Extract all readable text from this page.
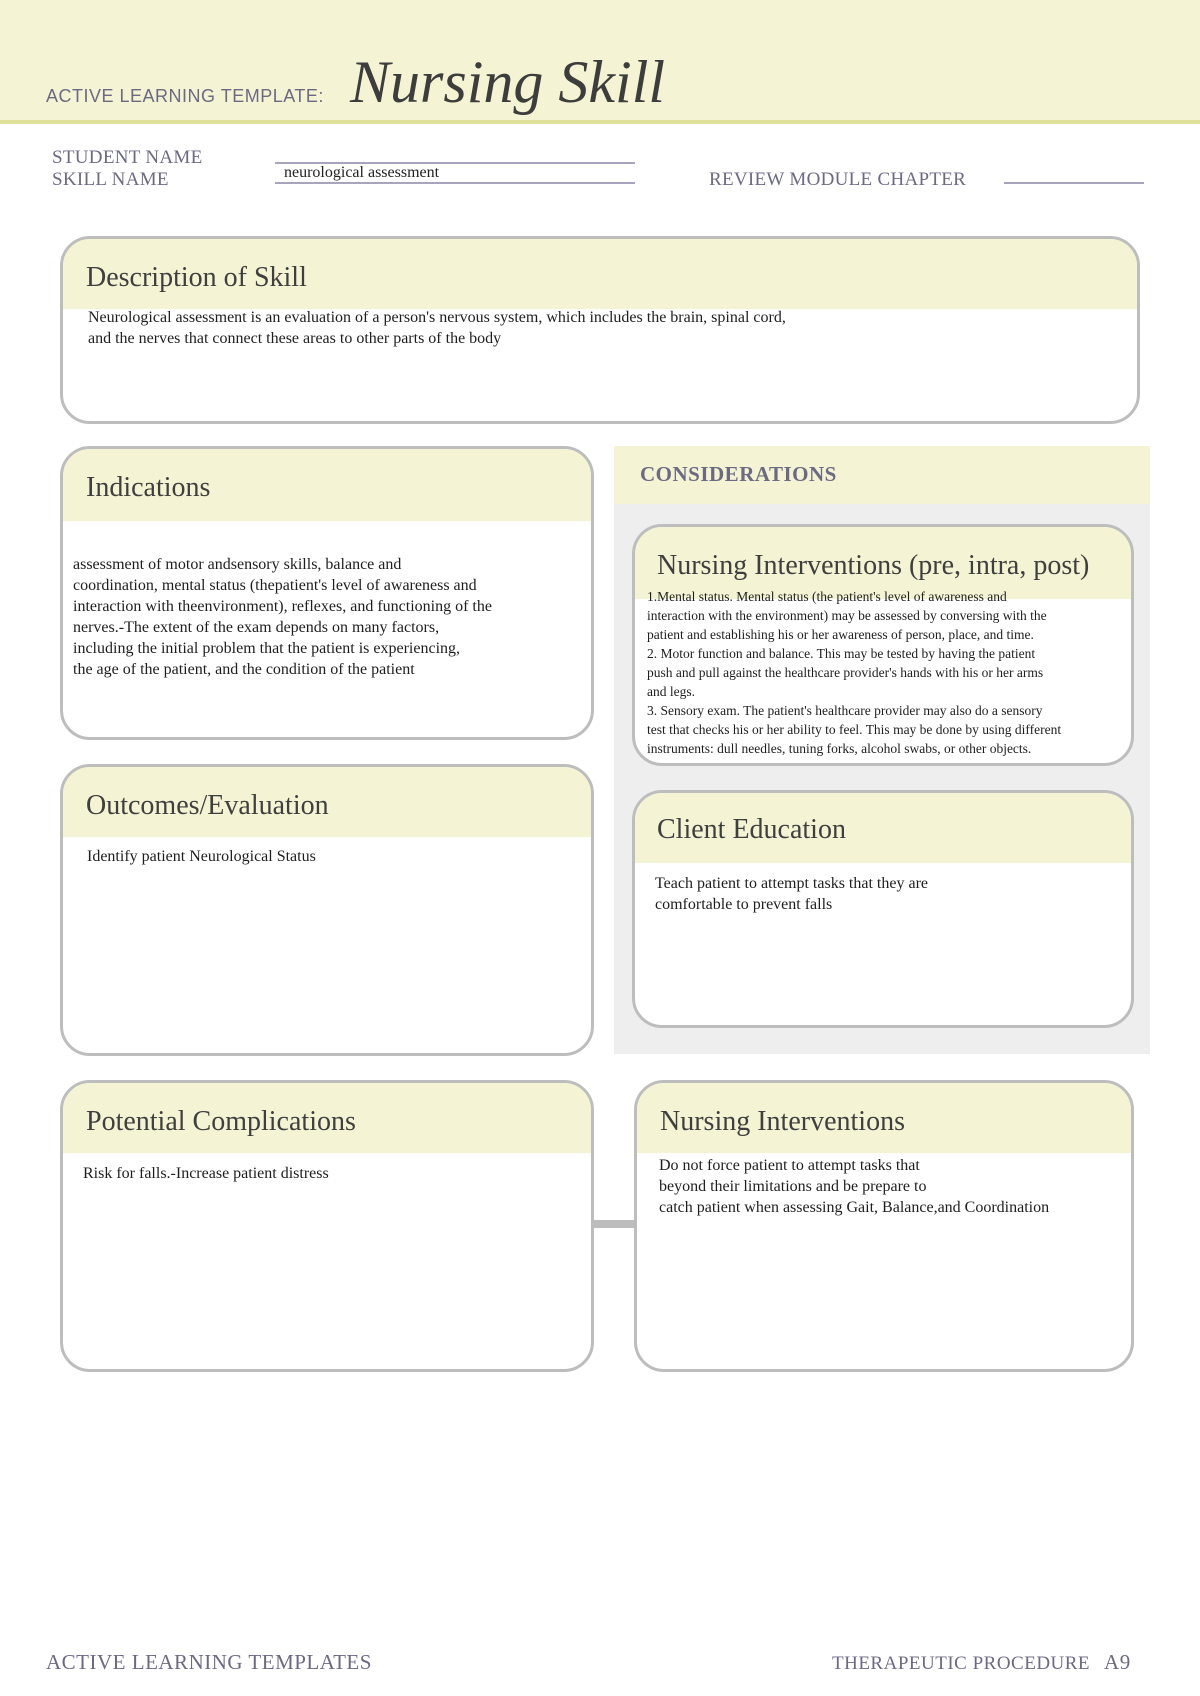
ACTIVE LEARNING TEMPLATE: Nursing Skill
STUDENT NAME
SKILL NAME	neurological assessment	REVIEW MODULE CHAPTER
Description of Skill
Neurological assessment is an evaluation of a person's nervous system, which includes the brain, spinal cord,
and the nerves that connect these areas to other parts of the body
Indications
assessment of motor andsensory skills, balance and
coordination, mental status (thepatient's level of awareness and
interaction with theenvironment), reflexes, and functioning of the
nerves.-The extent of the exam depends on many factors,
including the initial problem that the patient is experiencing,
the age of the patient, and the condition of the patient
Outcomes/Evaluation
Identify patient Neurological Status
CONSIDERATIONS
Nursing Interventions (pre, intra, post)
1.Mental status. Mental status (the patient's level of awareness and
interaction with the environment) may be assessed by conversing with the
patient and establishing his or her awareness of person, place, and time.
2. Motor function and balance. This may be tested by having the patient
push and pull against the healthcare provider's hands with his or her arms
and legs.
3. Sensory exam. The patient's healthcare provider may also do a sensory
test that checks his or her ability to feel. This may be done by using different
instruments: dull needles, tuning forks, alcohol swabs, or other objects.
Client Education
Teach patient to attempt tasks that they are
comfortable to prevent falls
Potential Complications
Risk for falls.-Increase patient distress
Nursing Interventions
Do not force patient to attempt tasks that
beyond their limitations and be prepare to
catch patient when assessing Gait, Balance,and Coordination
ACTIVE LEARNING TEMPLATES	THERAPEUTIC PROCEDURE A9
